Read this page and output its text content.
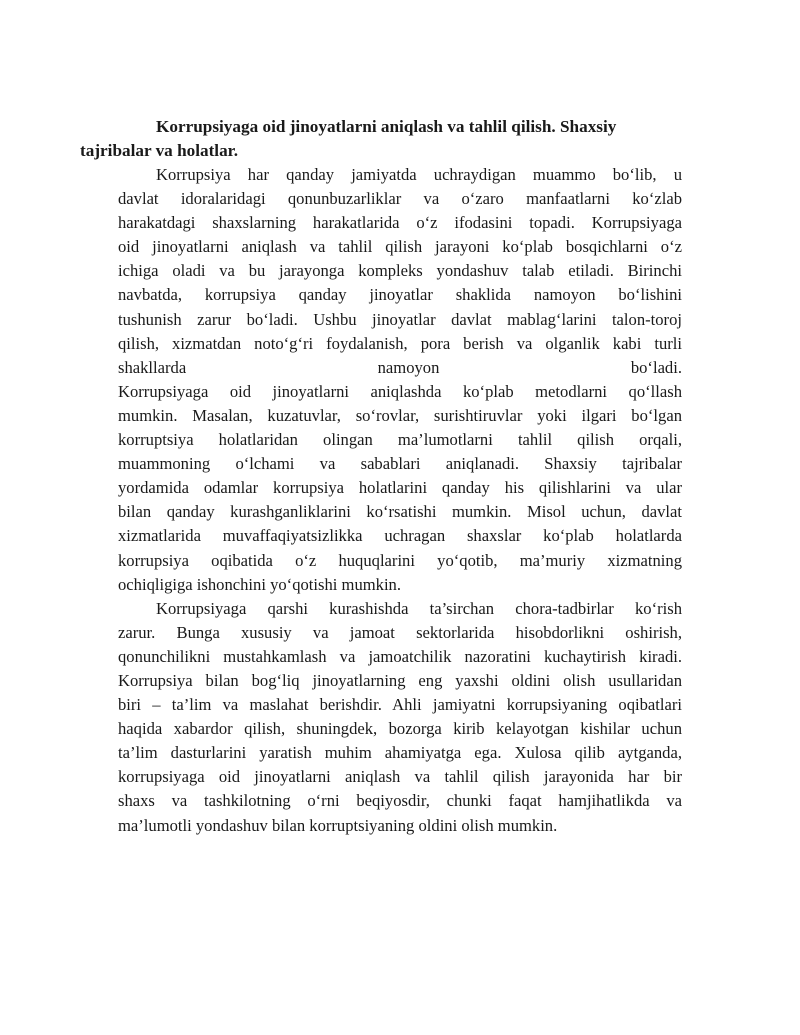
Korrupsiyaga oid jinoyatlarni aniqlash va tahlil qilish. Shaxsiy
tajribalar va holatlar.
Korrupsiya har qanday jamiyatda uchraydigan muammo bo‘lib, u
davlat idoralaridagi qonunbuzarliklar va o‘zaro manfaatlarni ko‘zlab
harakatdagi shaxslarning harakatlarida o‘z ifodasini topadi. Korrupsiyaga
oid jinoyatlarni aniqlash va tahlil qilish jarayoni ko‘plab bosqichlarni o‘z
ichiga oladi va bu jarayonga kompleks yondashuv talab etiladi. Birinchi
navbatda, korrupsiya qanday jinoyatlar shaklida namoyon bo‘lishini
tushunish zarur bo‘ladi. Ushbu jinoyatlar davlat mablag‘larini talon-toroj
qilish, xizmatdan noto‘g‘ri foydalanish, pora berish va olganlik kabi turli
shakllarda namoyon bo‘ladi.
Korrupsiyaga oid jinoyatlarni aniqlashda ko‘plab metodlarni qo‘llash
mumkin. Masalan, kuzatuvlar, so‘rovlar, surishtiruvlar yoki ilgari bo‘lgan
korruptsiya holatlaridan olingan ma’lumotlarni tahlil qilish orqali,
muammoning o‘lchami va sabablari aniqlanadi. Shaxsiy tajribalar
yordamida odamlar korrupsiya holatlarini qanday his qilishlarini va ular
bilan qanday kurashganliklarini ko‘rsatishi mumkin. Misol uchun, davlat
xizmatlarida muvaffaqiyatsizlikka uchragan shaxslar ko‘plab holatlarda
korrupsiya oqibatida o‘z huquqlarini yo‘qotib, ma’muriy xizmatning
ochiqligiga ishonchini yo‘qotishi mumkin.
Korrupsiyaga qarshi kurashishda ta’sirchan chora-tadbirlar ko‘rish
zarur. Bunga xususiy va jamoat sektorlarida hisobdorlikni oshirish,
qonunchilikni mustahkamlash va jamoatchilik nazoratini kuchaytirish kiradi.
Korrupsiya bilan bog‘liq jinoyatlarning eng yaxshi oldini olish usullaridan
biri – ta’lim va maslahat berishdir. Ahli jamiyatni korrupsiyaning oqibatlari
haqida xabardor qilish, shuningdek, bozorga kirib kelayotgan kishilar uchun
ta’lim dasturlarini yaratish muhim ahamiyatga ega. Xulosa qilib aytganda,
korrupsiyaga oid jinoyatlarni aniqlash va tahlil qilish jarayonida har bir
shaxs va tashkilotning o‘rni beqiyosdir, chunki faqat hamjihatlikda va
ma’lumotli yondashuv bilan korruptsiyaning oldini olish mumkin.
